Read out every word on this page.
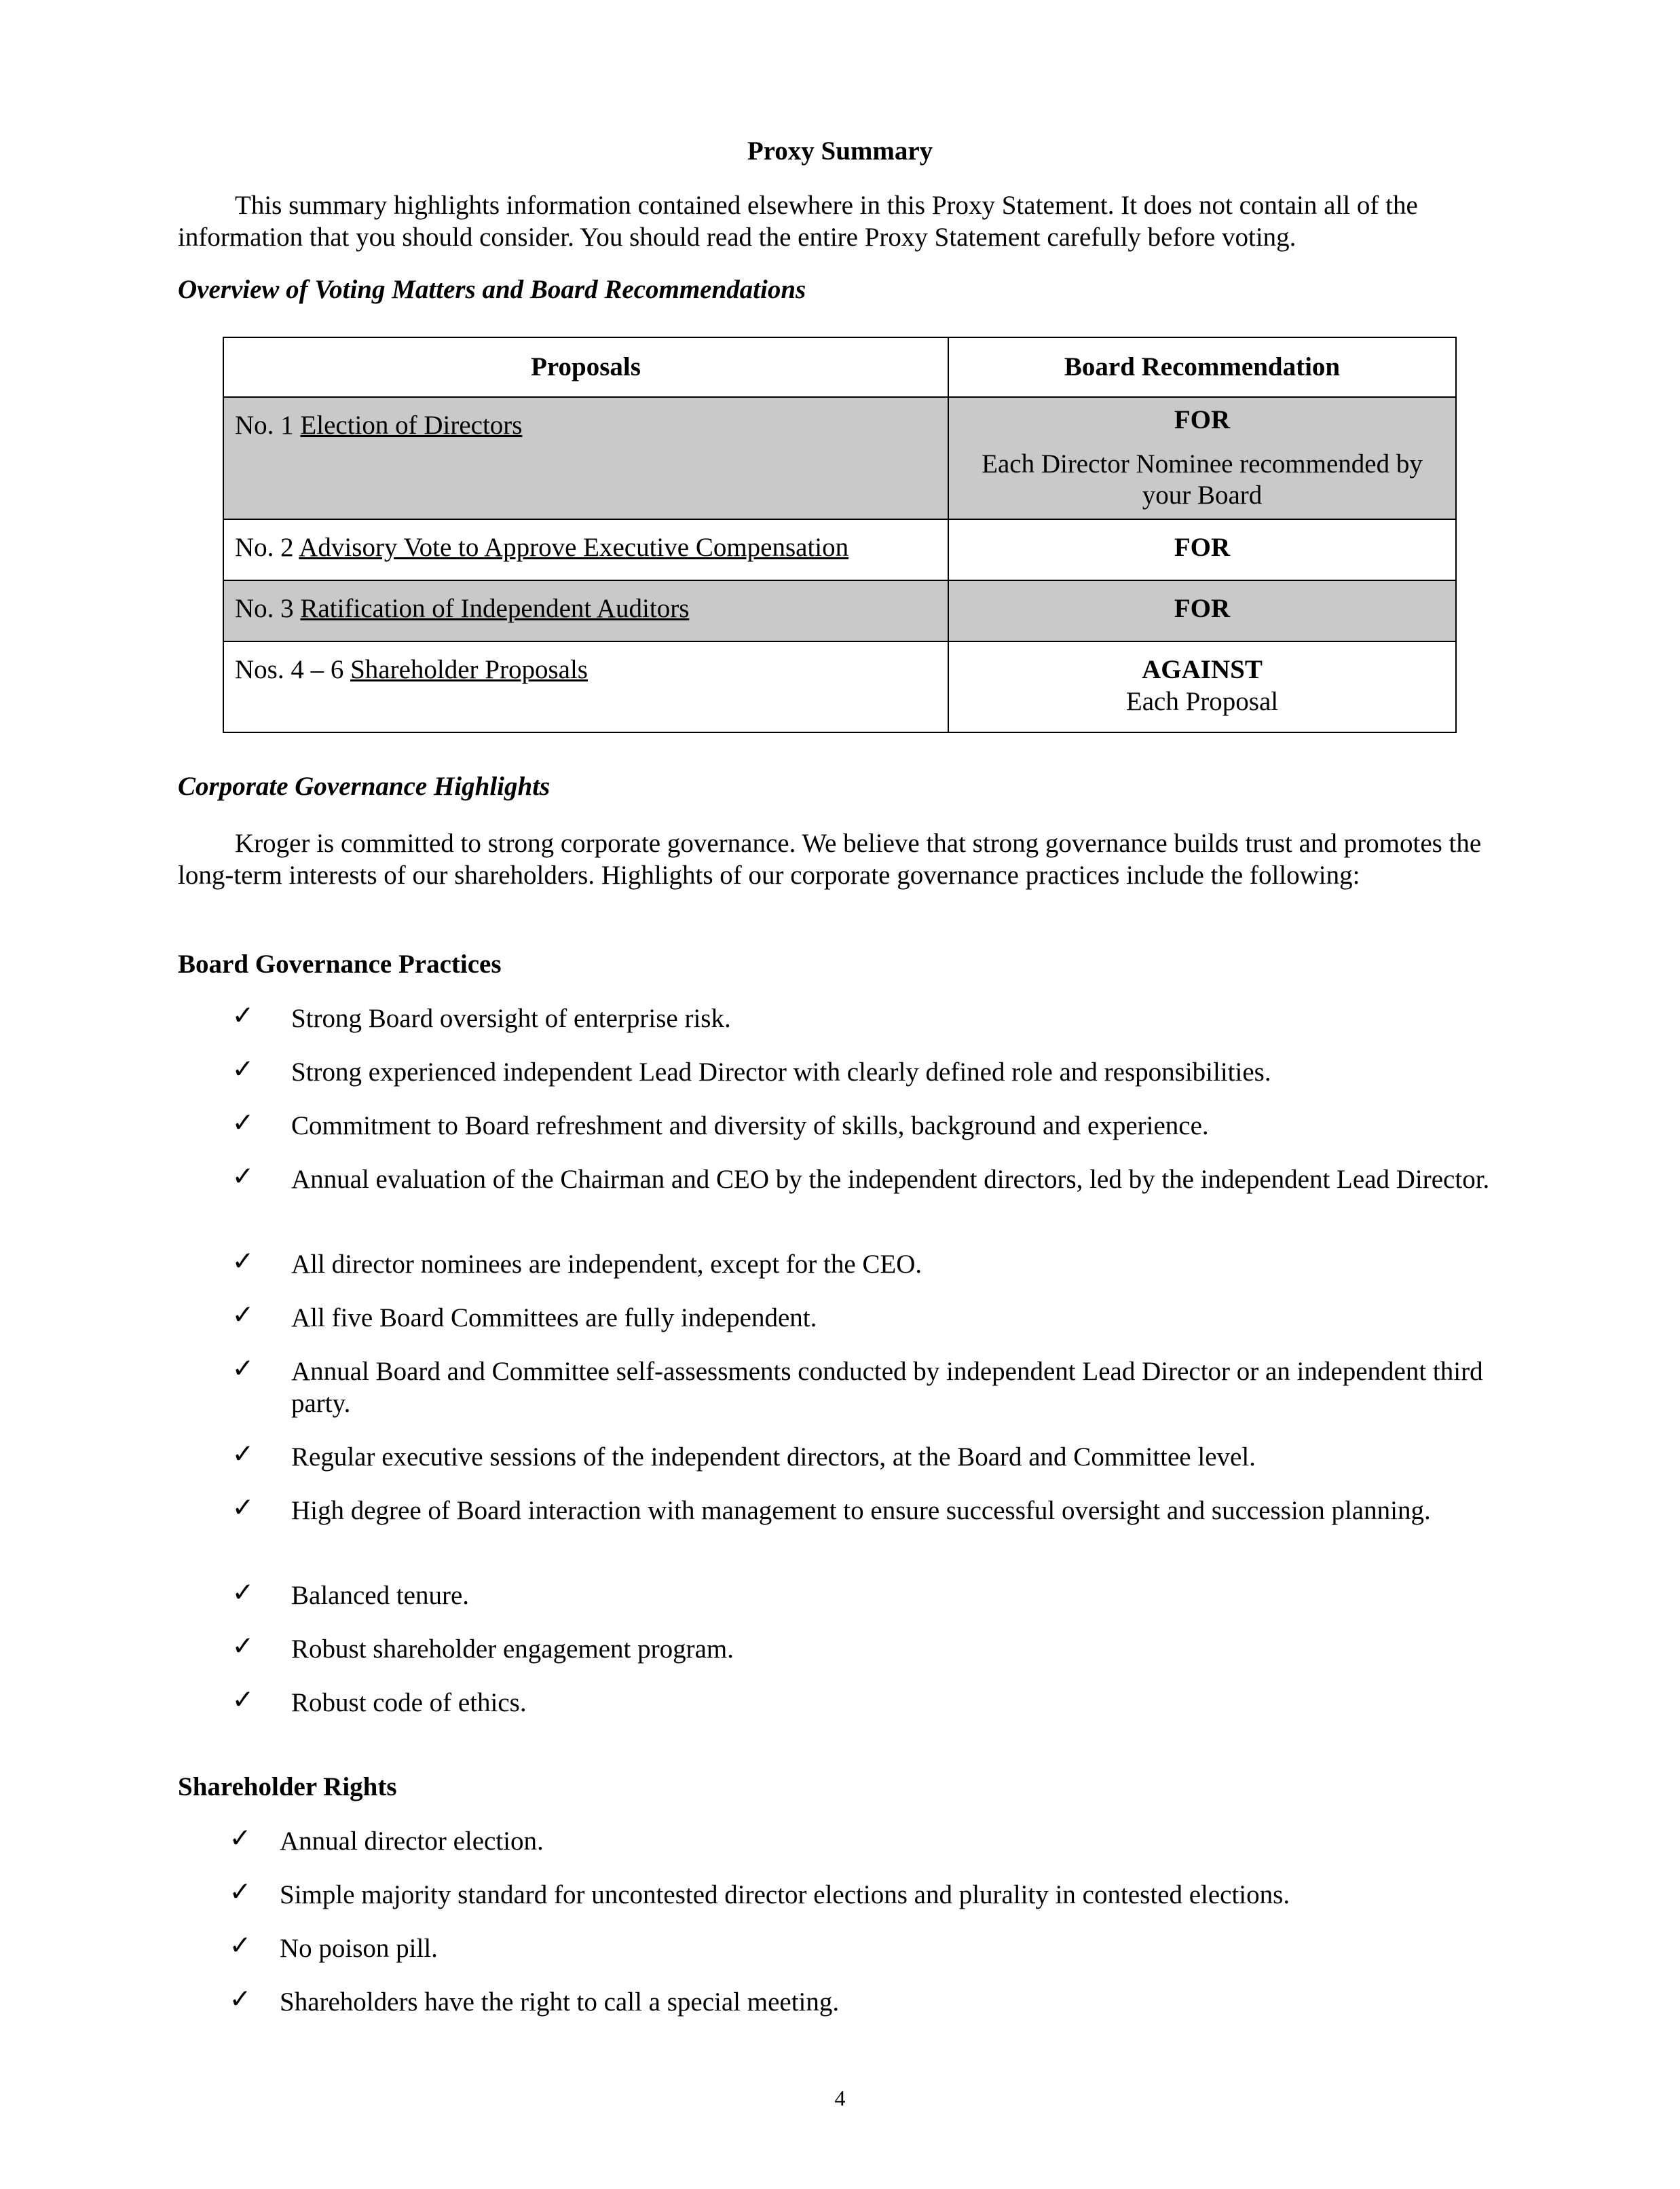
Proxy Summary

This summary highlights information contained elsewhere in this Proxy Statement. It does not contain all of the information that you should consider. You should read the entire Proxy Statement carefully before voting.

Overview of Voting Matters and Board Recommendations
Proposals	Board Recommendation
No. 1 Election of Directors	FOR
Each Director Nominee recommended by your Board

No. 2 Advisory Vote to Approve Executive Compensation	FOR

No. 3 Ratification of Independent Auditors	FOR

Nos. 4 – 6 Shareholder Proposals	AGAINST
Each Proposal
Corporate Governance Highlights

Kroger is committed to strong corporate governance. We believe that strong governance builds trust and promotes the long-term interests of our shareholders. Highlights of our corporate governance practices include the following:

Board Governance Practices
✓ Strong Board oversight of enterprise risk.

✓ Strong experienced independent Lead Director with clearly defined role and responsibilities.

✓ Commitment to Board refreshment and diversity of skills, background and experience.

✓ Annual evaluation of the Chairman and CEO by the independent directors, led by the independent Lead Director.

✓ All director nominees are independent, except for the CEO.

✓ All five Board Committees are fully independent.

✓ Annual Board and Committee self-assessments conducted by independent Lead Director or an independent third party.

✓ Regular executive sessions of the independent directors, at the Board and Committee level.

✓ High degree of Board interaction with management to ensure successful oversight and succession planning.

✓ Balanced tenure.

✓ Robust shareholder engagement program.

✓ Robust code of ethics.

Shareholder Rights
✓ Annual director election.

✓ Simple majority standard for uncontested director elections and plurality in contested elections.

✓ No poison pill.

✓ Shareholders have the right to call a special meeting.

4
